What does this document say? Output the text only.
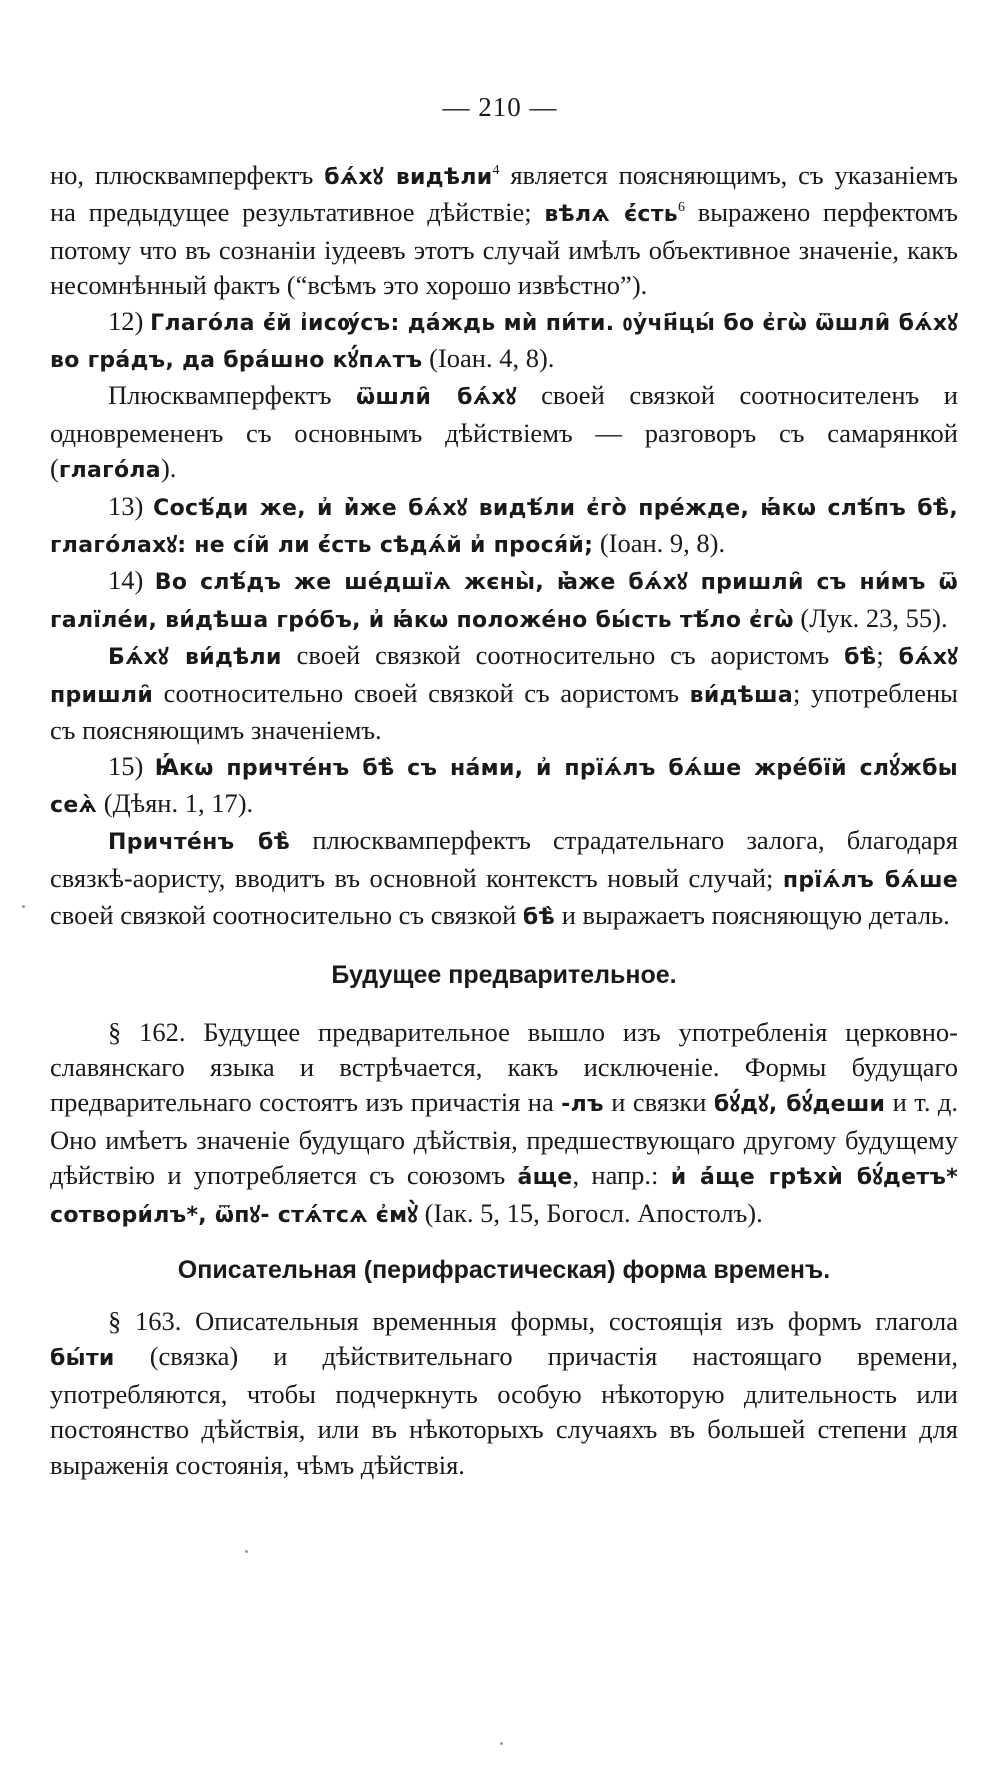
— 210 —

но, плюсквамперфектъ бѧ́хꙋ видѣли$^4$ является поясняющимъ, съ указаніемъ на предыдущее результативное дѣйствіе; вѣлѧ є҆́сть$^6$ выражено перфектомъ потому что въ сознаніи іудеевъ этотъ случай имѣлъ объективное значеніе, какъ несомнѣнный фактъ (“всѣмъ это хорошо извѣстно”).

12) Глаго́ла є҆́й і҆исѹ́съ: да́ждь мѝ пи́ти. ᲂу҆чн҃цы́ бо є҆гѡ̀ ѿшли̑ бѧ́хꙋ во гра́дъ, да бра́шно кꙋ́пѧтъ (Іоан. 4, 8).

Плюсквамперфектъ ѿшли̑ бѧ́хꙋ своей связкой соотносителенъ и одновремененъ съ основнымъ дѣйствіемъ — разговоръ съ самарянкой (глаго́ла).

13) Сосѣ́ди же, и҆ и҆̀же бѧ́хꙋ видѣ́ли є҆го̀ пре́жде, ꙗ҆́кѡ слѣ́пъ бѣ̀, глаго́лахꙋ: не сі́й ли є҆́сть сѣдѧ́й и҆ прося́й; (Іоан. 9, 8).

14) Во слѣ́дъ же ше́дшїѧ жєны̀, ꙗ҆̀же бѧ́хꙋ пришли̑ съ ни́мъ ѿ галїле́и, ви́дѣша гро́бъ, и҆ ꙗ҆́кѡ положе́но бы́сть тѣ́ло є҆гѡ̀ (Лук. 23, 55).

Бѧ́хꙋ ви́дѣли своей связкой соотносительно съ аористомъ бѣ̀; бѧ́хꙋ пришли̑ соотносительно своей связкой съ аористомъ ви́дѣша; употреблены съ поясняющимъ значеніемъ.

15) Ꙗ҆́кѡ причте́нъ бѣ̀ съ на́ми, и҆ прїѧ́лъ бѧ́ше жре́бїй слꙋ́жбы сеѧ̀ (Дѣян. 1, 17).

Причте́нъ бѣ̀ плюсквамперфектъ страдательнаго залога, благодаря связкѣ-аористу, вводитъ въ основной контекстъ новый случай; прїѧ́лъ бѧ́ше своей связкой соотносительно съ связкой бѣ̀ и выражаетъ поясняющую деталь.

Будущее предварительное.

§ 162. Будущее предварительное вышло изъ употребленія церковно-славянскаго языка и встрѣчается, какъ исключеніе. Формы будущаго предварительнаго состоятъ изъ причастія на -лъ и связки бꙋ́дꙋ, бꙋ́деши и т. д. Оно имѣетъ значеніе будущаго дѣйствія, предшествующаго другому будущему дѣйствію и употребляется съ союзомъ а҆́ще, напр.: и҆ а҆́ще грѣхѝ бꙋ́детъ* сотвори́лъ*, ѿпꙋ- стѧ́тсѧ є҆мꙋ̀ (Іак. 5, 15, Богосл. Апостолъ).

Описательная (перифрастическая) форма временъ.

§ 163. Описательныя временныя формы, состоящія изъ формъ глагола бы́ти (связка) и дѣйствительнаго причастія настоящаго времени, употребляются, чтобы подчеркнуть особую нѣкоторую длительность или постоянство дѣйствія, или въ нѣкоторыхъ случаяхъ въ большей степени для выраженія состоянія, чѣмъ дѣйствія.
